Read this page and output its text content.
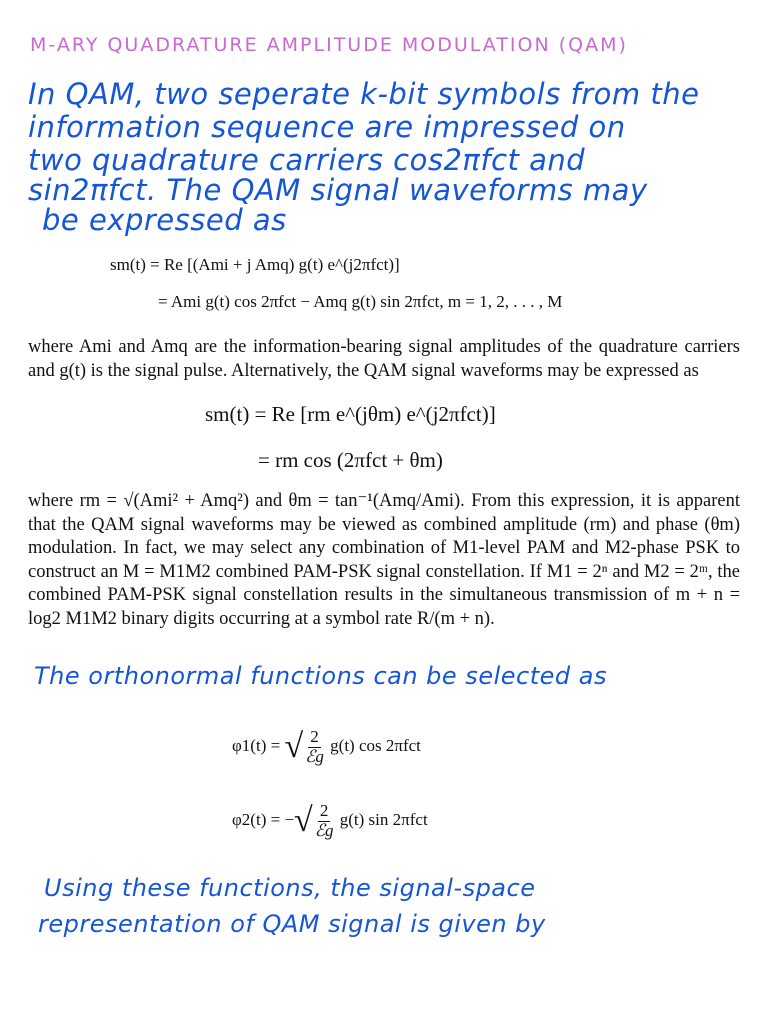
M-ARY QUADRATURE AMPLITUDE MODULATION (QAM)
In QAM, two seperate k-bit symbols from the
information sequence are impressed on
two quadrature carriers cos2πfct and
sin2πfct. The QAM signal waveforms may
be expressed as
sm(t) = Re [(Ami + j Amq) g(t) e^(j2πfct)]
= Ami g(t) cos 2πfct − Amq g(t) sin 2πfct, m = 1, 2, . . . , M

where Ami and Amq are the information-bearing signal amplitudes of the quadrature carriers and g(t) is the signal pulse. Alternatively, the QAM signal waveforms may be expressed as

sm(t) = Re [rm e^(jθm) e^(j2πfct)]
= rm cos (2πfct + θm)

where rm = √(Ami² + Amq²) and θm = tan⁻¹(Amq/Ami). From this expression, it is apparent that the QAM signal waveforms may be viewed as combined amplitude (rm) and phase (θm) modulation. In fact, we may select any combination of M1-level PAM and M2-phase PSK to construct an M = M1M2 combined PAM-PSK signal constellation. If M1 = 2ⁿ and M2 = 2ᵐ, the combined PAM-PSK signal constellation results in the simultaneous transmission of m + n = log2 M1M2 binary digits occurring at a symbol rate R/(m + n).

The orthonormal functions can be selected as
φ1(t) = √ $\frac{2}{\text{ℰg}} g(t)$ cos 2πfct
φ2(t) = −√ $\frac{2}{\text{ℰg}} g(t)$ sin 2πfct
Using these functions, the signal-space
representation of QAM signal is given by
